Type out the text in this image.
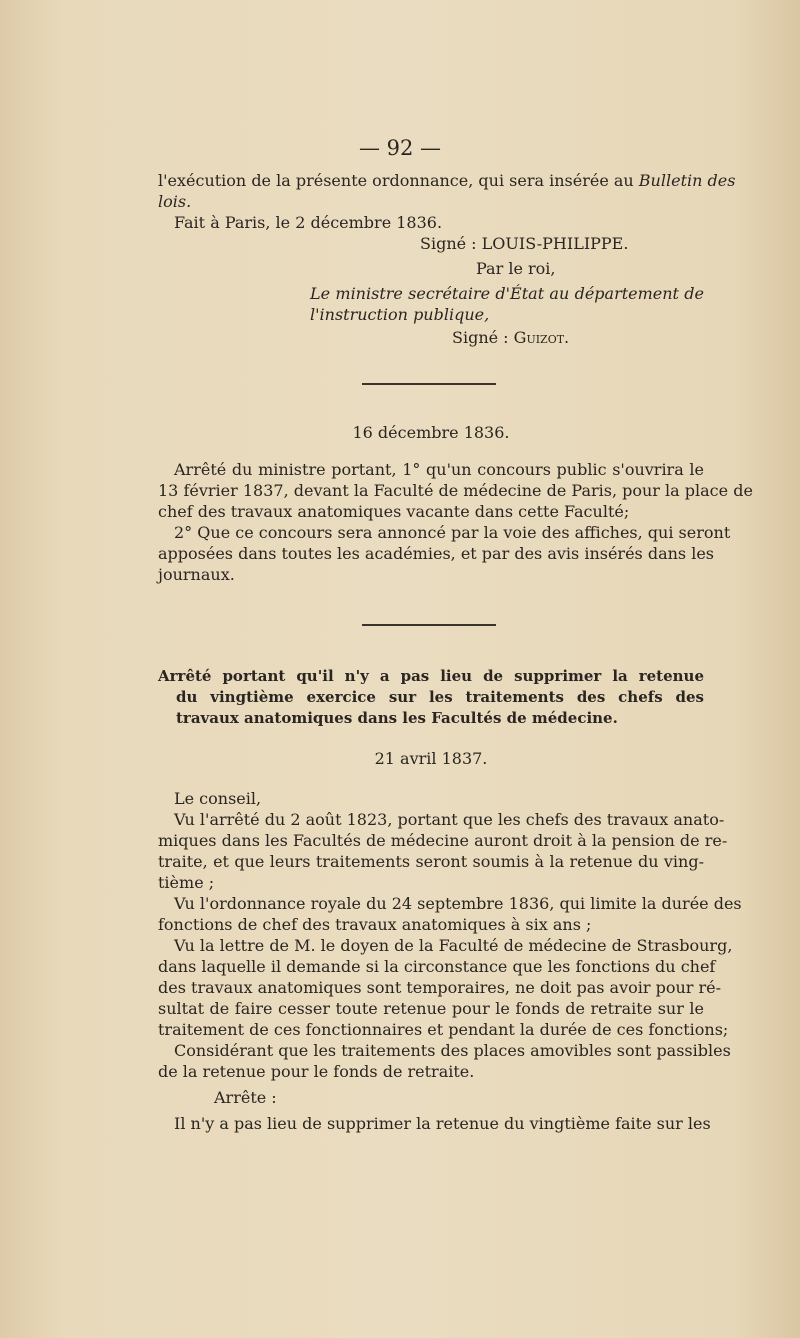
— 92 —
l'exécution de la présente ordonnance, qui sera insérée au Bulletin des
lois.
Fait à Paris, le 2 décembre 1836.
Signé : LOUIS-PHILIPPE.
Par le roi,
Le ministre secrétaire d'État au département de
l'instruction publique,
Signé : Guizot.
16 décembre 1836.
Arrêté du ministre portant, 1° qu'un concours public s'ouvrira le
13 février 1837, devant la Faculté de médecine de Paris, pour la place de
chef des travaux anatomiques vacante dans cette Faculté;
2° Que ce concours sera annoncé par la voie des affiches, qui seront
apposées dans toutes les académies, et par des avis insérés dans les
journaux.
Arrêté portant qu'il n'y a pas lieu de supprimer la retenue
du vingtième exercice sur les traitements des chefs des
travaux anatomiques dans les Facultés de médecine.
21 avril 1837.
Le conseil,
Vu l'arrêté du 2 août 1823, portant que les chefs des travaux anato-
miques dans les Facultés de médecine auront droit à la pension de re-
traite, et que leurs traitements seront soumis à la retenue du ving-
tième ;
Vu l'ordonnance royale du 24 septembre 1836, qui limite la durée des
fonctions de chef des travaux anatomiques à six ans ;
Vu la lettre de M. le doyen de la Faculté de médecine de Strasbourg,
dans laquelle il demande si la circonstance que les fonctions du chef
des travaux anatomiques sont temporaires, ne doit pas avoir pour ré-
sultat de faire cesser toute retenue pour le fonds de retraite sur le
traitement de ces fonctionnaires et pendant la durée de ces fonctions;
Considérant que les traitements des places amovibles sont passibles
de la retenue pour le fonds de retraite.
Arrête :
Il n'y a pas lieu de supprimer la retenue du vingtième faite sur les
